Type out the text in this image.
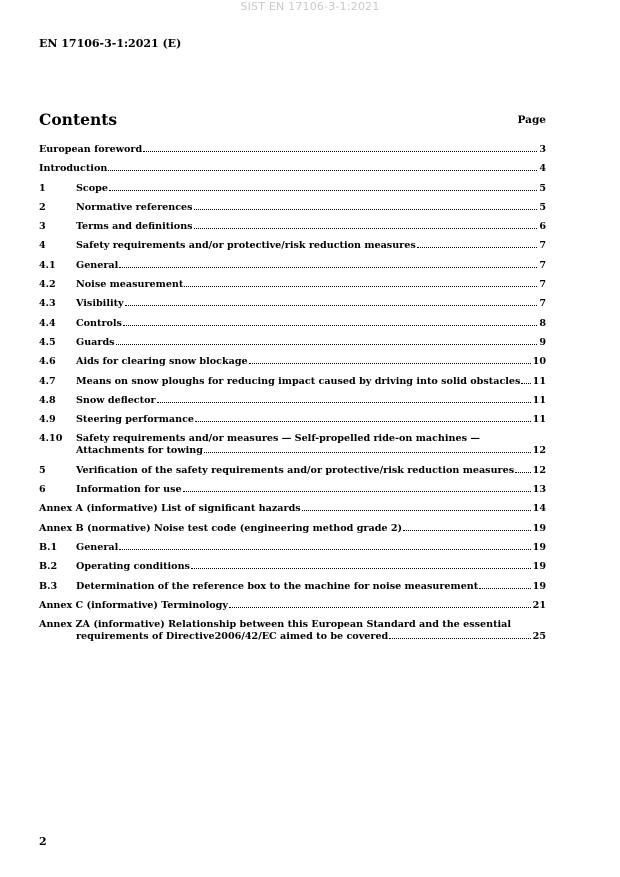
SIST EN 17106-3-1:2021
EN 17106-3-1:2021 (E)
Contents	Page
European foreword	3
Introduction	4
1	Scope	5
2	Normative references	5
3	Terms and definitions	6
4	Safety requirements and/or protective/risk reduction measures	7
4.1	General	7
4.2	Noise measurement	7
4.3	Visibility	7
4.4	Controls	8
4.5	Guards	9
4.6	Aids for clearing snow blockage	10
4.7	Means on snow ploughs for reducing impact caused by driving into solid obstacles 11
4.8	Snow deflector	11
4.9	Steering performance	11
4.10	Safety requirements and/or measures — Self-propelled ride-on machines —
Attachments for towing	12
5	Verification of the safety requirements and/or protective/risk reduction measures 12
6	Information for use	13
Annex A (informative) List of significant hazards	14
Annex B (normative) Noise test code (engineering method grade 2)	19
B.1	General	19
B.2	Operating conditions	19
B.3	Determination of the reference box to the machine for noise measurement	19
Annex C (informative) Terminology	21
Annex ZA (informative) Relationship between this European Standard and the essential
requirements of Directive2006/42/EC aimed to be covered	25
2
